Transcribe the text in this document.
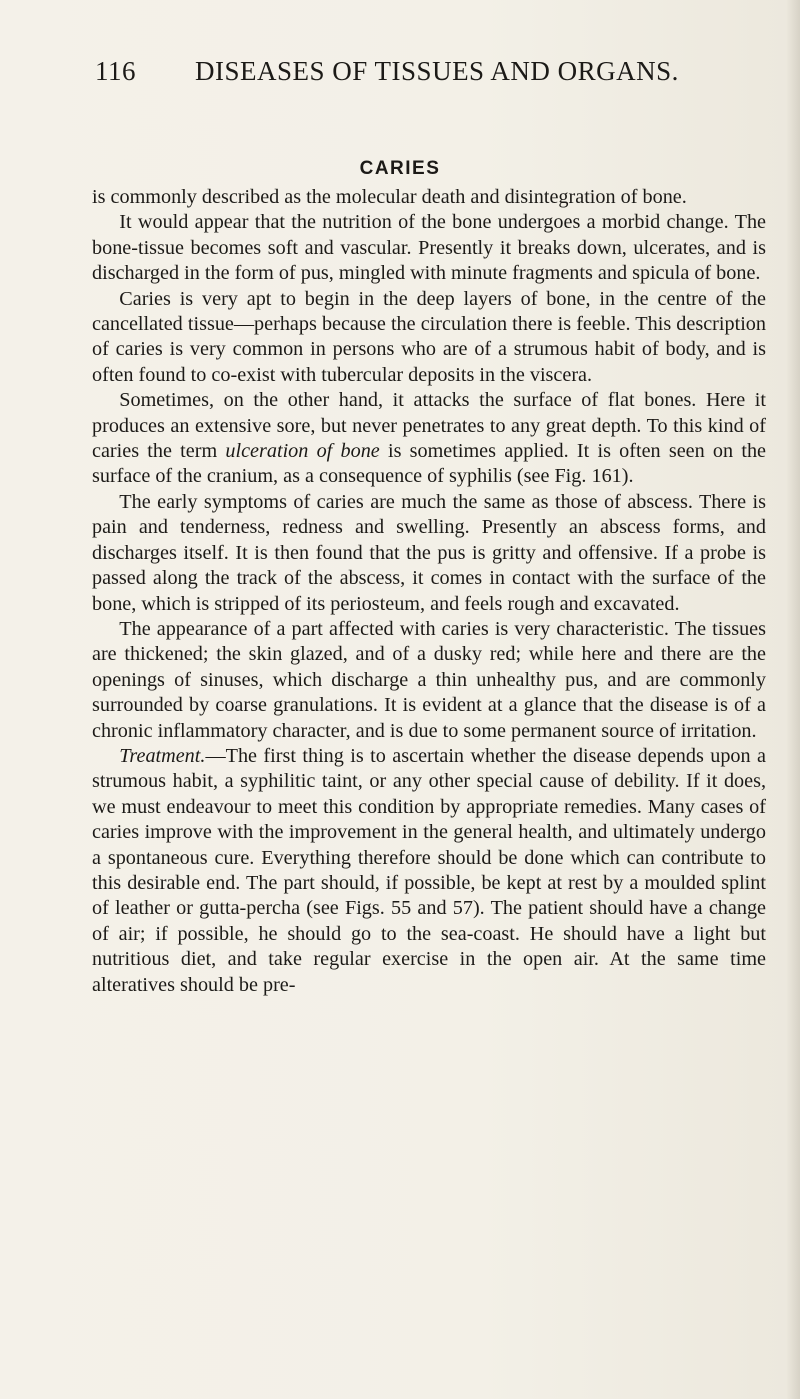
116 DISEASES OF TISSUES AND ORGANS.
CARIES

is commonly described as the molecular death and disintegration of bone.

It would appear that the nutrition of the bone undergoes a morbid change. The bone-tissue becomes soft and vascular. Presently it breaks down, ulcerates, and is discharged in the form of pus, mingled with minute fragments and spicula of bone.

Caries is very apt to begin in the deep layers of bone, in the centre of the cancellated tissue—perhaps because the circulation there is feeble. This description of caries is very common in persons who are of a strumous habit of body, and is often found to co-exist with tubercular deposits in the viscera.

Sometimes, on the other hand, it attacks the surface of flat bones. Here it produces an extensive sore, but never penetrates to any great depth. To this kind of caries the term ulceration of bone is sometimes applied. It is often seen on the surface of the cranium, as a consequence of syphilis (see Fig. 161).

The early symptoms of caries are much the same as those of abscess. There is pain and tenderness, redness and swelling. Presently an abscess forms, and discharges itself. It is then found that the pus is gritty and offensive. If a probe is passed along the track of the abscess, it comes in contact with the surface of the bone, which is stripped of its periosteum, and feels rough and excavated.

The appearance of a part affected with caries is very characteristic. The tissues are thickened; the skin glazed, and of a dusky red; while here and there are the openings of sinuses, which discharge a thin unhealthy pus, and are commonly surrounded by coarse granulations. It is evident at a glance that the disease is of a chronic inflammatory character, and is due to some permanent source of irritation.

Treatment.—The first thing is to ascertain whether the disease depends upon a strumous habit, a syphilitic taint, or any other special cause of debility. If it does, we must endeavour to meet this condition by appropriate remedies. Many cases of caries improve with the improvement in the general health, and ultimately undergo a spontaneous cure. Everything therefore should be done which can contribute to this desirable end. The part should, if possible, be kept at rest by a moulded splint of leather or gutta-percha (see Figs. 55 and 57). The patient should have a change of air; if possible, he should go to the sea-coast. He should have a light but nutritious diet, and take regular exercise in the open air. At the same time alteratives should be pre-
